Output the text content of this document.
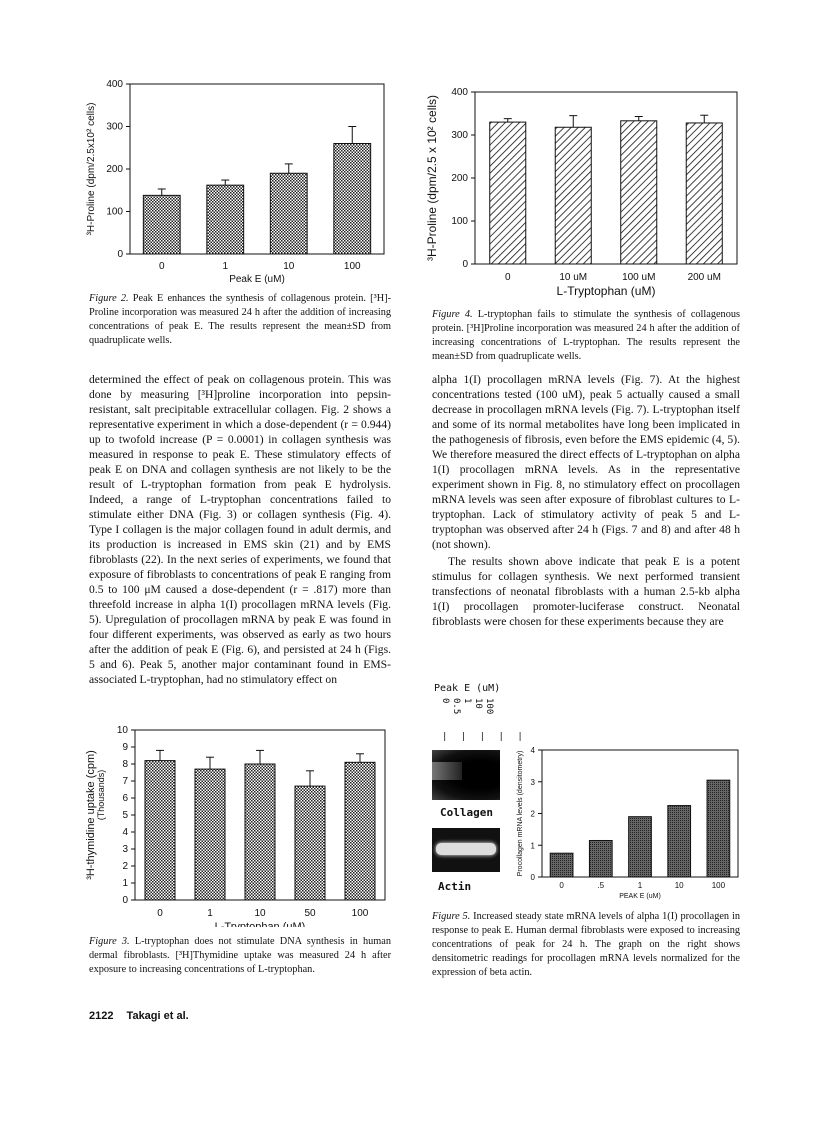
0
100
200
300
400
0	1	10	100
Peak E (uM)
³H-Proline (dpm/2.5x10² cells)
Figure 2. Peak E enhances the synthesis of collagenous protein. [³H]-Proline incorporation was measured 24 h after the addition of increasing concentrations of peak E. The results represent the mean±SD from quadruplicate wells.
0
100
200
300
400
0	10 uM	100 uM	200 uM
L-Tryptophan (uM)
³H-Proline (dpm/2.5 x 10² cells)
Figure 4. L-tryptophan fails to stimulate the synthesis of collagenous protein. [³H]Proline incorporation was measured 24 h after the addition of increasing concentrations of L-tryptophan. The results represent the mean±SD from quadruplicate wells.
determined the effect of peak on collagenous protein. This was done by measuring [³H]proline incorporation into pepsin-resistant, salt precipitable extracellular collagen. Fig. 2 shows a representative experiment in which a dose-dependent (r = 0.944) up to twofold increase (P = 0.0001) in collagen synthesis was measured in response to peak E. These stimulatory effects of peak E on DNA and collagen synthesis are not likely to be the result of L-tryptophan formation from peak E hydrolysis. Indeed, a range of L-tryptophan concentrations failed to stimulate either DNA (Fig. 3) or collagen synthesis (Fig. 4). Type I collagen is the major collagen found in adult dermis, and its production is increased in EMS skin (21) and by EMS fibroblasts (22). In the next series of experiments, we found that exposure of fibroblasts to concentrations of peak E ranging from 0.5 to 100 μM caused a dose-dependent (r = .817) more than threefold increase in alpha 1(I) procollagen mRNA levels (Fig. 5). Upregulation of procollagen mRNA by peak E was found in four different experiments, was observed as early as two hours after the addition of peak E (Fig. 6), and persisted at 24 h (Figs. 5 and 6). Peak 5, another major contaminant found in EMS-associated L-tryptophan, had no stimulatory effect on
alpha 1(I) procollagen mRNA levels (Fig. 7). At the highest concentrations tested (100 uM), peak 5 actually caused a small decrease in procollagen mRNA levels (Fig. 7). L-tryptophan itself and some of its normal metabolites have long been implicated in the pathogenesis of fibrosis, even before the EMS epidemic (4, 5). We therefore measured the direct effects of L-tryptophan on alpha 1(I) procollagen mRNA levels. As in the representative experiment shown in Fig. 8, no stimulatory effect on procollagen mRNA levels was seen after exposure of fibroblast cultures to L-tryptophan. Lack of stimulatory activity of peak 5 and L-tryptophan was observed after 24 h (Figs. 7 and 8) and after 48 h (not shown).
The results shown above indicate that peak E is a potent stimulus for collagen synthesis. We next performed transient transfections of neonatal fibroblasts with a human 2.5-kb alpha 1(I) procollagen promoter-luciferase construct. Neonatal fibroblasts were chosen for these experiments because they are
0
1
2
3
4
5
6
7
8
9
10
0	1	10	50	100
L-Tryptophan (uM)
³H-thymidine uptake (cpm) (Thousands)
Figure 3. L-tryptophan does not stimulate DNA synthesis in human dermal fibroblasts. [³H]Thymidine uptake was measured 24 h after exposure to increasing concentrations of L-tryptophan.
Peak E (uM)
0 0.5 1 10 100
| | | | |
Collagen
Actin
0
1
2
3
4
0	.5	1	10	100
PEAK E (uM)
Procollagen mRNA levels (densitometry)
Figure 5. Increased steady state mRNA levels of alpha 1(I) procollagen in response to peak E. Human dermal fibroblasts were exposed to increasing concentrations of peak for 24 h. The graph on the right shows densitometric readings for procollagen mRNA levels normalized for the expression of beta actin.
2122 Takagi et al.
